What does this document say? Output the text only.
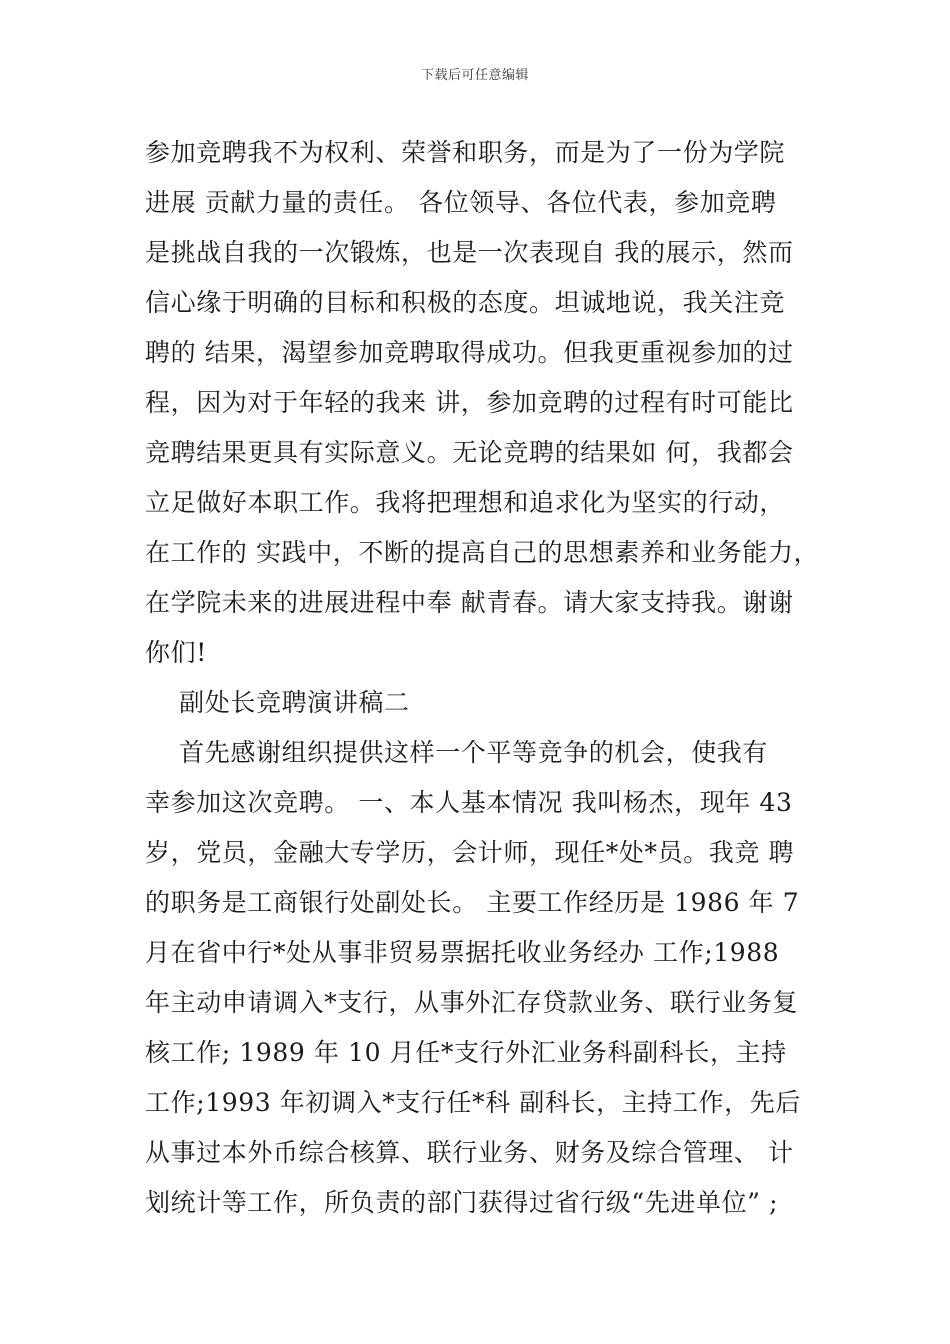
下载后可任意编辑
参加竞聘我不为权利、荣誉和职务，而是为了一份为学院
进展 贡献力量的责任。 各位领导、各位代表，参加竞聘
是挑战自我的一次锻炼，也是一次表现自 我的展示，然而
信心缘于明确的目标和积极的态度。坦诚地说，我关注竞
聘的 结果，渴望参加竞聘取得成功。但我更重视参加的过
程，因为对于年轻的我来 讲，参加竞聘的过程有时可能比
竞聘结果更具有实际意义。无论竞聘的结果如 何，我都会
立足做好本职工作。我将把理想和追求化为坚实的行动，
在工作的 实践中，不断的提高自己的思想素养和业务能力，
在学院未来的进展进程中奉 献青春。请大家支持我。谢谢
你们!
副处长竞聘演讲稿二
首先感谢组织提供这样一个平等竞争的机会，使我有
幸参加这次竞聘。 一、本人基本情况 我叫杨杰，现年 43
岁，党员，金融大专学历，会计师，现任*处*员。我竞 聘
的职务是工商银行处副处长。 主要工作经历是 1986 年 7
月在省中行*处从事非贸易票据托收业务经办 工作;1988
年主动申请调入*支行，从事外汇存贷款业务、联行业务复
核工作; 1989 年 10 月任*支行外汇业务科副科长，主持
工作;1993 年初调入*支行任*科 副科长，主持工作，先后
从事过本外币综合核算、联行业务、财务及综合管理、 计
划统计等工作，所负责的部门获得过省行级“先进单位” ;
